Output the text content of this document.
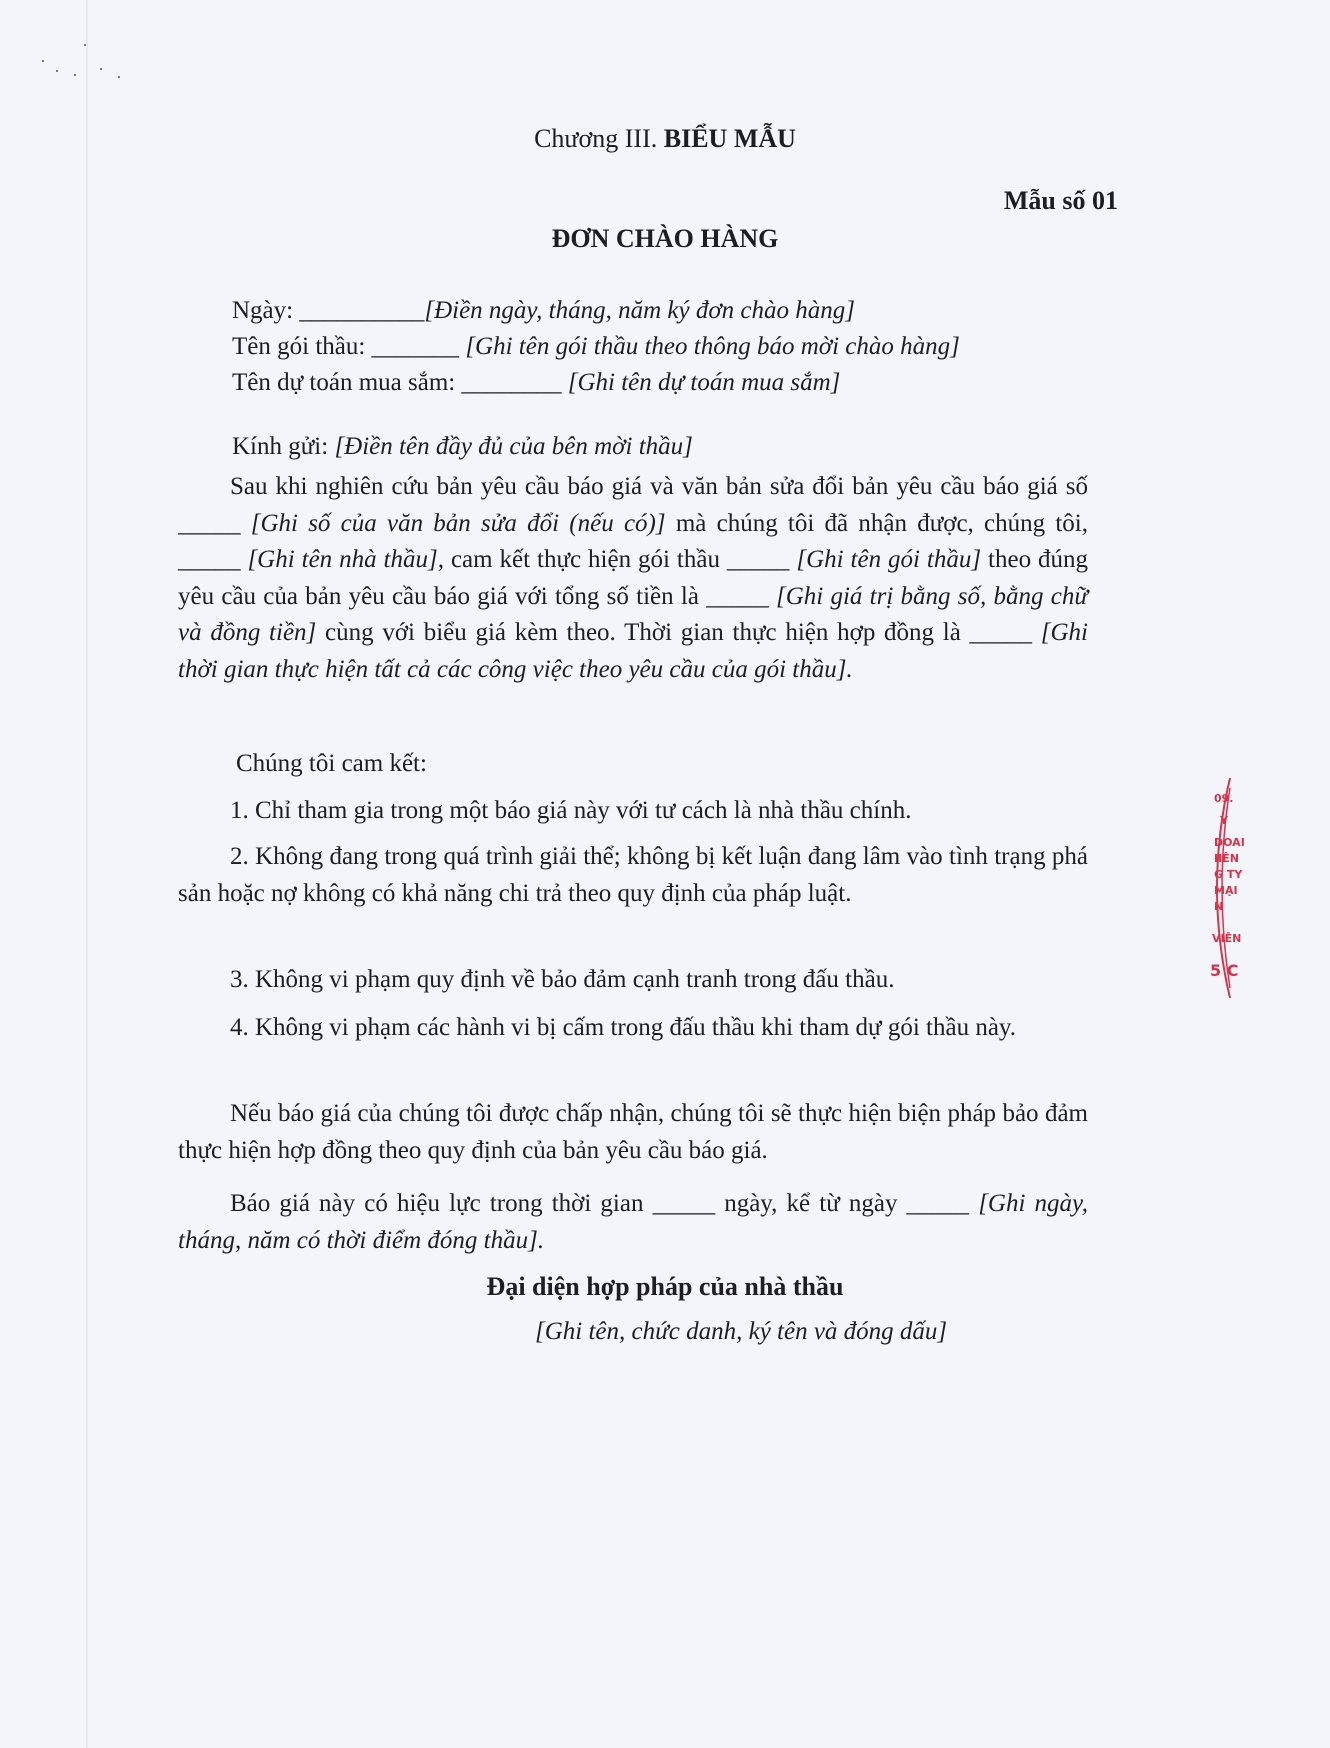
Chương III. BIỂU MẪU
Mẫu số 01
ĐƠN CHÀO HÀNG
Ngày: __________[Điền ngày, tháng, năm ký đơn chào hàng]
Tên gói thầu: _______ [Ghi tên gói thầu theo thông báo mời chào hàng]
Tên dự toán mua sắm: ________ [Ghi tên dự toán mua sắm]
Kính gửi: [Điền tên đầy đủ của bên mời thầu]
Sau khi nghiên cứu bản yêu cầu báo giá và văn bản sửa đổi bản yêu cầu báo giá số _____ [Ghi số của văn bản sửa đổi (nếu có)] mà chúng tôi đã nhận được, chúng tôi, _____ [Ghi tên nhà thầu], cam kết thực hiện gói thầu _____ [Ghi tên gói thầu] theo đúng yêu cầu của bản yêu cầu báo giá với tổng số tiền là _____ [Ghi giá trị bằng số, bằng chữ và đồng tiền] cùng với biểu giá kèm theo. Thời gian thực hiện hợp đồng là _____ [Ghi thời gian thực hiện tất cả các công việc theo yêu cầu của gói thầu].
Chúng tôi cam kết:
1. Chỉ tham gia trong một báo giá này với tư cách là nhà thầu chính.
2. Không đang trong quá trình giải thể; không bị kết luận đang lâm vào tình trạng phá sản hoặc nợ không có khả năng chi trả theo quy định của pháp luật.
3. Không vi phạm quy định về bảo đảm cạnh tranh trong đấu thầu.
4. Không vi phạm các hành vi bị cấm trong đấu thầu khi tham dự gói thầu này.
Nếu báo giá của chúng tôi được chấp nhận, chúng tôi sẽ thực hiện biện pháp bảo đảm thực hiện hợp đồng theo quy định của bản yêu cầu báo giá.
Báo giá này có hiệu lực trong thời gian _____ ngày, kể từ ngày _____ [Ghi ngày, tháng, năm có thời điểm đóng thầu].
Đại diện hợp pháp của nhà thầu
[Ghi tên, chức danh, ký tên và đóng dấu]
09.
Y
DOAI
IIÊN
G TY
MẠI
N
VIÊN
5 C
